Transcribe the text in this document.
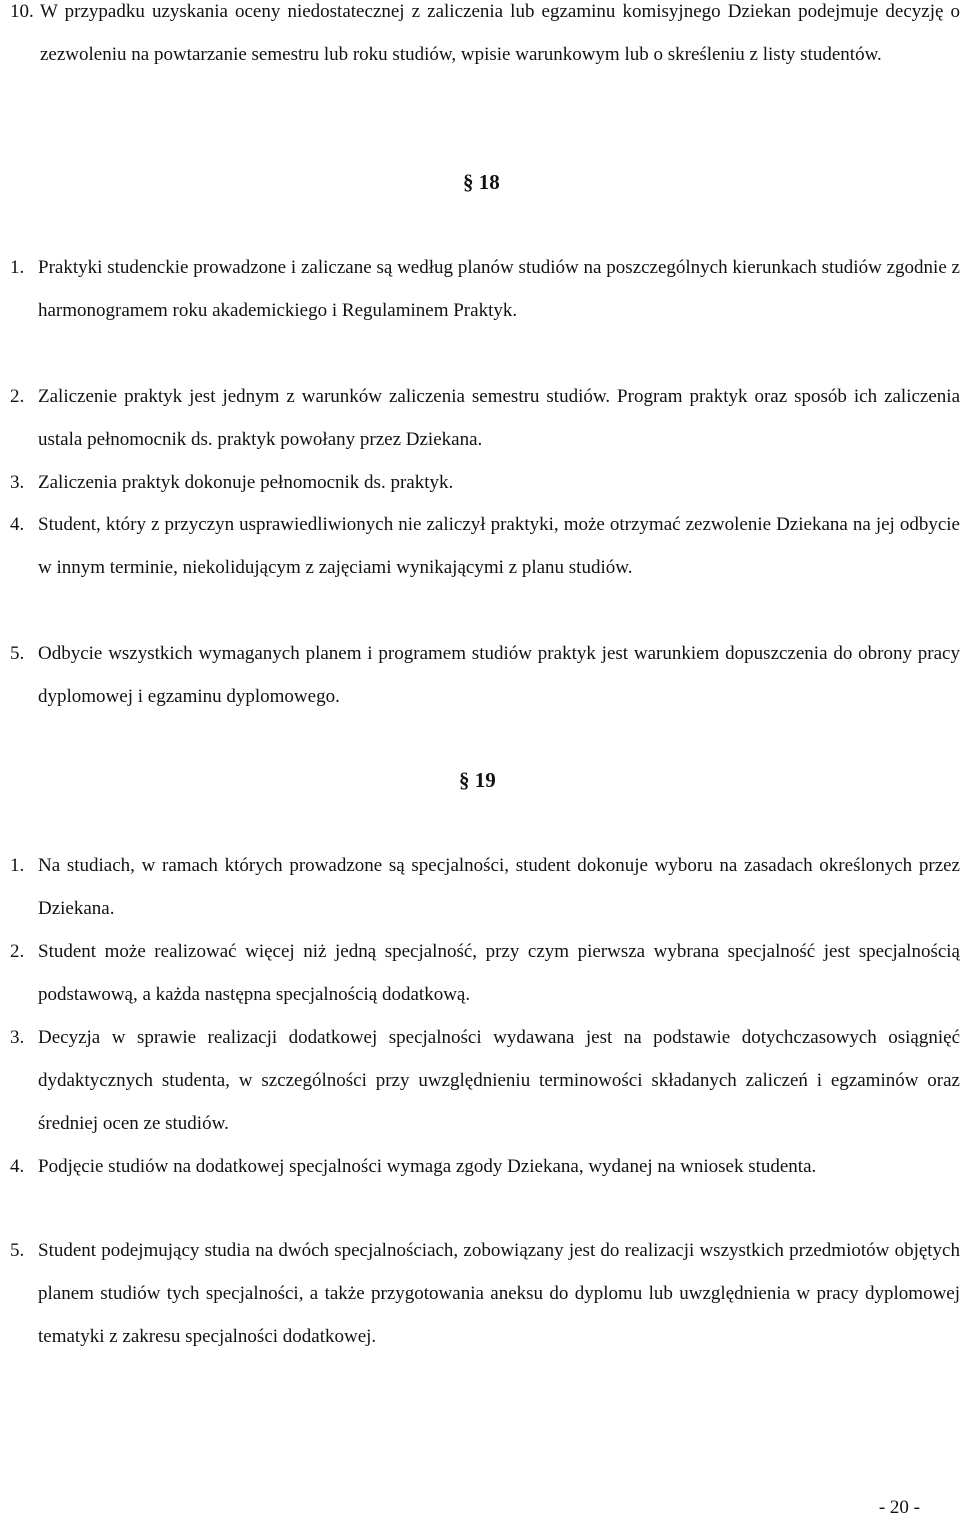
10. W przypadku uzyskania oceny niedostatecznej z zaliczenia lub egzaminu komisyjnego Dziekan podejmuje decyzję o zezwoleniu na powtarzanie semestru lub roku studiów, wpisie warunkowym lub o skreśleniu z listy studentów.
§ 18
1. Praktyki studenckie prowadzone i zaliczane są według planów studiów na poszczególnych kierunkach studiów zgodnie z harmonogramem roku akademickiego i Regulaminem Praktyk.
2. Zaliczenie praktyk jest jednym z warunków zaliczenia semestru studiów. Program praktyk oraz sposób ich zaliczenia ustala pełnomocnik ds. praktyk powołany przez Dziekana.
3. Zaliczenia praktyk dokonuje pełnomocnik ds. praktyk.
4. Student, który z przyczyn usprawiedliwionych nie zaliczył praktyki, może otrzymać zezwolenie Dziekana na jej odbycie w innym terminie, niekolidującym z zajęciami wynikającymi z planu studiów.
5. Odbycie wszystkich wymaganych planem i programem studiów praktyk jest warunkiem dopuszczenia do obrony pracy dyplomowej i egzaminu dyplomowego.
§ 19
1. Na studiach, w ramach których prowadzone są specjalności, student dokonuje wyboru na zasadach określonych przez Dziekana.
2. Student może realizować więcej niż jedną specjalność, przy czym pierwsza wybrana specjalność jest specjalnością podstawową, a każda następna specjalnością dodatkową.
3. Decyzja w sprawie realizacji dodatkowej specjalności wydawana jest na podstawie dotychczasowych osiągnięć dydaktycznych studenta, w szczególności przy uwzględnieniu terminowości składanych zaliczeń i egzaminów oraz średniej ocen ze studiów.
4. Podjęcie studiów na dodatkowej specjalności wymaga zgody Dziekana, wydanej na wniosek studenta.
5. Student podejmujący studia na dwóch specjalnościach, zobowiązany jest do realizacji wszystkich przedmiotów objętych planem studiów tych specjalności, a także przygotowania aneksu do dyplomu lub uwzględnienia w pracy dyplomowej tematyki z zakresu specjalności dodatkowej.
- 20 -
